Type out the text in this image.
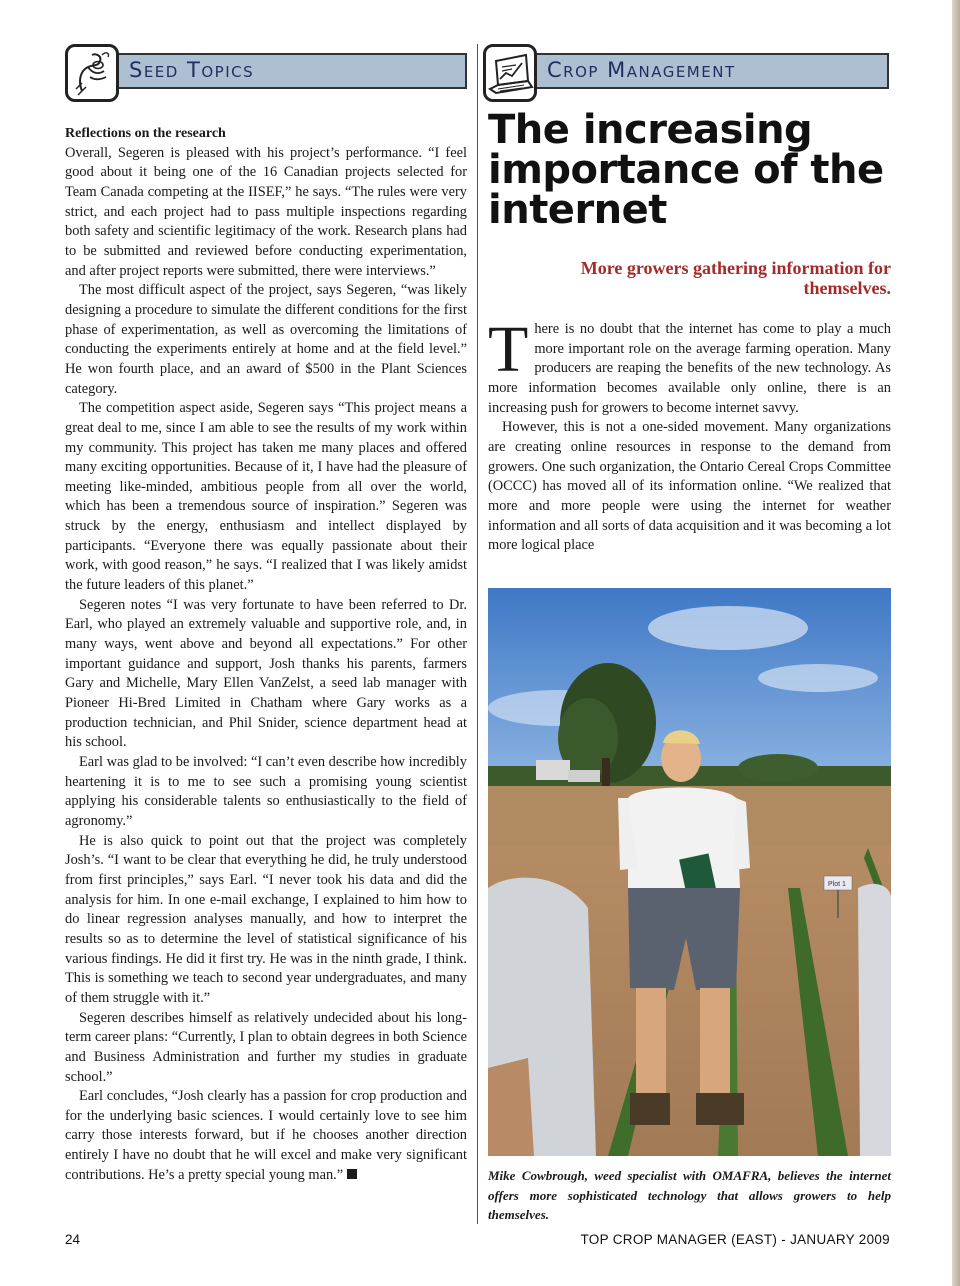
Seed Topics	Crop Management
Reflections on the research

Overall, Segeren is pleased with his project’s performance. “I feel good about it being one of the 16 Canadian projects selected for Team Canada competing at the IISEF,” he says. “The rules were very strict, and each project had to pass multiple inspections regarding both safety and scientific legitimacy of the work. Research plans had to be submitted and reviewed before conducting experimentation, and after project reports were submitted, there were interviews.”

The most difficult aspect of the project, says Segeren, “was likely designing a procedure to simulate the different conditions for the first phase of experimentation, as well as overcoming the limitations of conducting the experiments entirely at home and at the field level.” He won fourth place, and an award of $500 in the Plant Sciences category.

The competition aspect aside, Segeren says “This project means a great deal to me, since I am able to see the results of my work within my community. This project has taken me many places and offered many exciting opportunities. Because of it, I have had the pleasure of meeting like-minded, ambitious people from all over the world, which has been a tremendous source of inspiration.” Segeren was struck by the energy, enthusiasm and intellect displayed by participants. “Everyone there was equally passionate about their work, with good reason,” he says. “I realized that I was likely amidst the future leaders of this planet.”

Segeren notes “I was very fortunate to have been referred to Dr. Earl, who played an extremely valuable and supportive role, and, in many ways, went above and beyond all expectations.” For other important guidance and support, Josh thanks his parents, farmers Gary and Michelle, Mary Ellen VanZelst, a seed lab manager with Pioneer Hi-Bred Limited in Chatham where Gary works as a production technician, and Phil Snider, science department head at his school.

Earl was glad to be involved: “I can’t even describe how incredibly heartening it is to me to see such a promising young scientist applying his considerable talents so enthusiastically to the field of agronomy.”

He is also quick to point out that the project was completely Josh’s. “I want to be clear that everything he did, he truly understood from first principles,” says Earl. “I never took his data and did the analysis for him. In one e-mail exchange, I explained to him how to do linear regression analyses manually, and how to interpret the results so as to determine the level of statistical significance of his various findings. He did it first try. He was in the ninth grade, I think. This is something we teach to second year undergraduates, and many of them struggle with it.”

Segeren describes himself as relatively undecided about his long-term career plans: “Currently, I plan to obtain degrees in both Science and Business Administration and further my studies in graduate school.”

Earl concludes, “Josh clearly has a passion for crop production and for the underlying basic sciences. I would certainly love to see him carry those interests forward, but if he chooses another direction entirely I have no doubt that he will excel and make very significant contributions. He’s a pretty special young man.”

The increasing importance of the internet
More growers gathering information for themselves.

There is no doubt that the internet has come to play a much more important role on the average farming operation. Many producers are reaping the benefits of the new technology. As more information becomes available only online, there is an increasing push for growers to become internet savvy.

However, this is not a one-sided movement. Many organizations are creating online resources in response to the demand from growers. One such organization, the Ontario Cereal Crops Committee (OCCC) has moved all of its information online. “We realized that more and more people were using the internet for weather information and all sorts of data acquisition and it was becoming a lot more logical place

Plot 1
Mike Cowbrough, weed specialist with OMAFRA, believes the internet offers more sophisticated technology that allows growers to help themselves.
24	TOP CROP MANAGER (EAST) - JANUARY 2009
